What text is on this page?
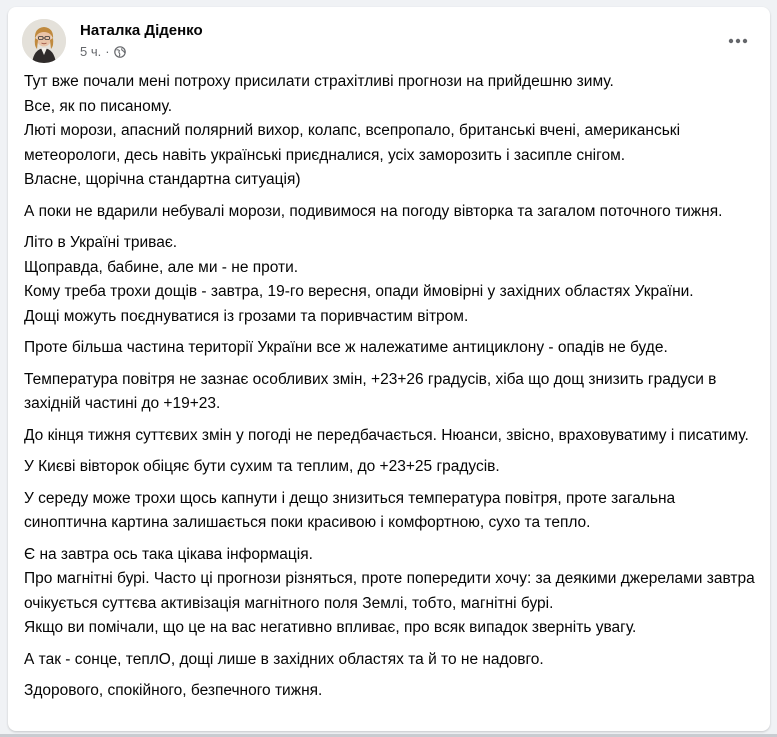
Наталка Діденко
5 ч. ·

Тут вже почали мені потроху присилати страхітливі прогнози на прийдешню зиму.
Все, як по писаному.
Люті морози, апасний полярний вихор, колапс, всепропало, британські вчені, американські метеорологи, десь навіть українські приєдналися, усіх заморозить і засипле снігом.
Власне, щорічна стандартна ситуація)

А поки не вдарили небувалі морози, подивимося на погоду вівторка та загалом поточного тижня.

Літо в Україні триває.
Щоправда, бабине, але ми - не проти.
Кому треба трохи дощів - завтра, 19-го вересня, опади ймовірні у західних областях України.
Дощі можуть поєднуватися із грозами та поривчастим вітром.

Проте більша частина території України все ж належатиме антициклону - опадів не буде.

Температура повітря не зазнає особливих змін, +23+26 градусів, хіба що дощ знизить градуси в західній частині до +19+23.

До кінця тижня суттєвих змін у погоді не передбачається. Нюанси, звісно, враховуватиму і писатиму.

У Києві вівторок обіцяє бути сухим та теплим, до +23+25 градусів.

У середу може трохи щось капнути і дещо знизиться температура повітря, проте загальна синоптична картина залишається поки красивою і комфортною, сухо та тепло.

Є на завтра ось така цікава інформація.
Про магнітні бурі. Часто ці прогнози різняться, проте попередити хочу: за деякими джерелами завтра очікується суттєва активізація магнітного поля Землі, тобто, магнітні бурі.
Якщо ви помічали, що це на вас негативно впливає, про всяк випадок зверніть увагу.

А так - сонце, теплО, дощі лише в західних областях та й то не надовго.

Здорового, спокійного, безпечного тижня.
